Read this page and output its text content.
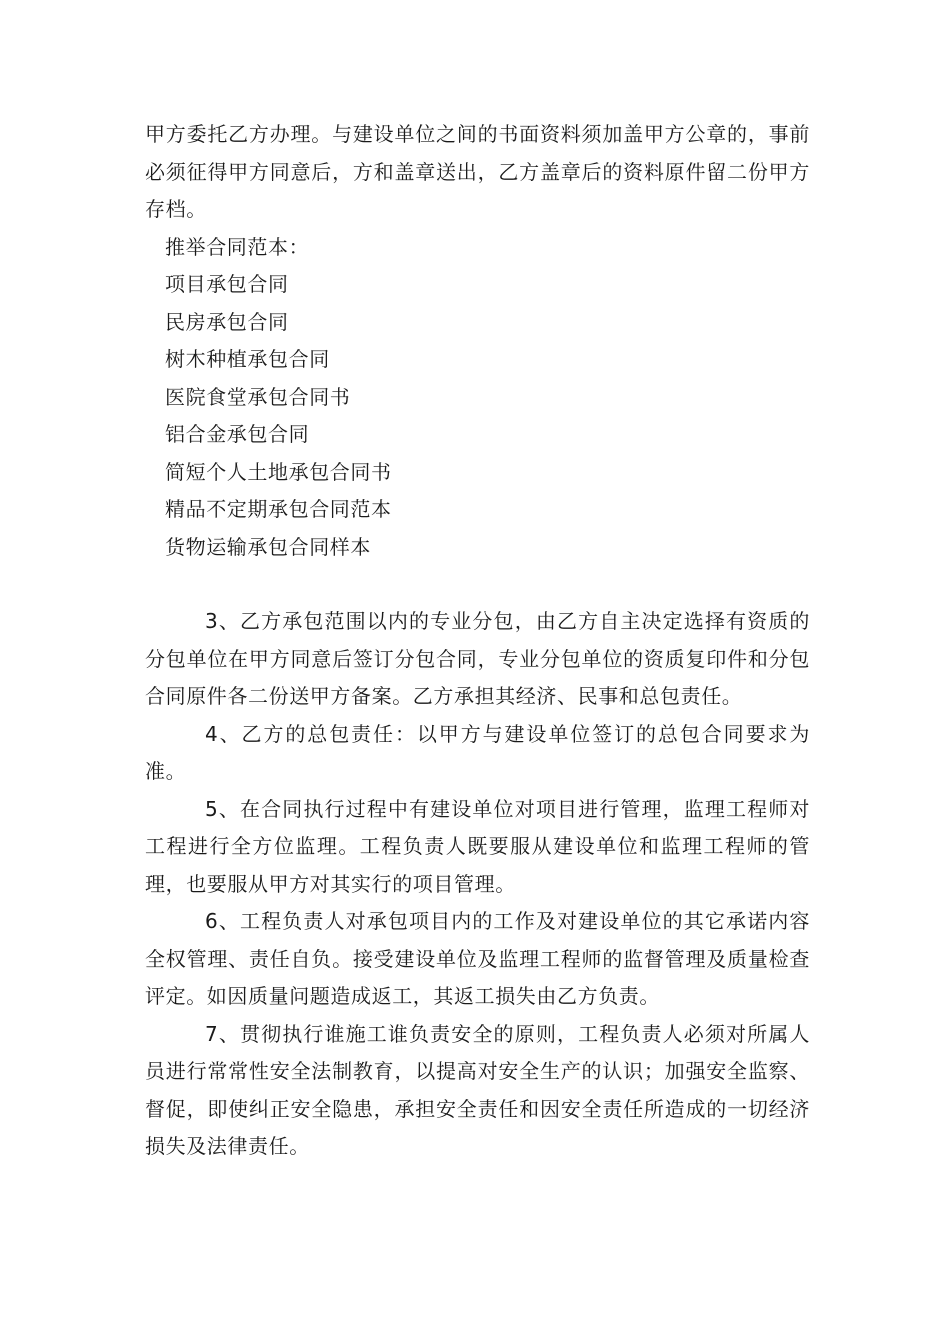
甲方委托乙方办理。与建设单位之间的书面资料须加盖甲方公章的，事前必须征得甲方同意后，方和盖章送出，乙方盖章后的资料原件留二份甲方存档。

推举合同范本：

项目承包合同
民房承包合同
树木种植承包合同
医院食堂承包合同书
铝合金承包合同
简短个人土地承包合同书
精品不定期承包合同范本
货物运输承包合同样本

3、乙方承包范围以内的专业分包，由乙方自主决定选择有资质的分包单位在甲方同意后签订分包合同，专业分包单位的资质复印件和分包合同原件各二份送甲方备案。乙方承担其经济、民事和总包责任。

4、乙方的总包责任：以甲方与建设单位签订的总包合同要求为准。

5、在合同执行过程中有建设单位对项目进行管理，监理工程师对工程进行全方位监理。工程负责人既要服从建设单位和监理工程师的管理，也要服从甲方对其实行的项目管理。

6、工程负责人对承包项目内的工作及对建设单位的其它承诺内容全权管理、责任自负。接受建设单位及监理工程师的监督管理及质量检查评定。如因质量问题造成返工，其返工损失由乙方负责。

7、贯彻执行谁施工谁负责安全的原则，工程负责人必须对所属人员进行常常性安全法制教育，以提高对安全生产的认识；加强安全监察、督促，即使纠正安全隐患，承担安全责任和因安全责任所造成的一切经济损失及法律责任。
